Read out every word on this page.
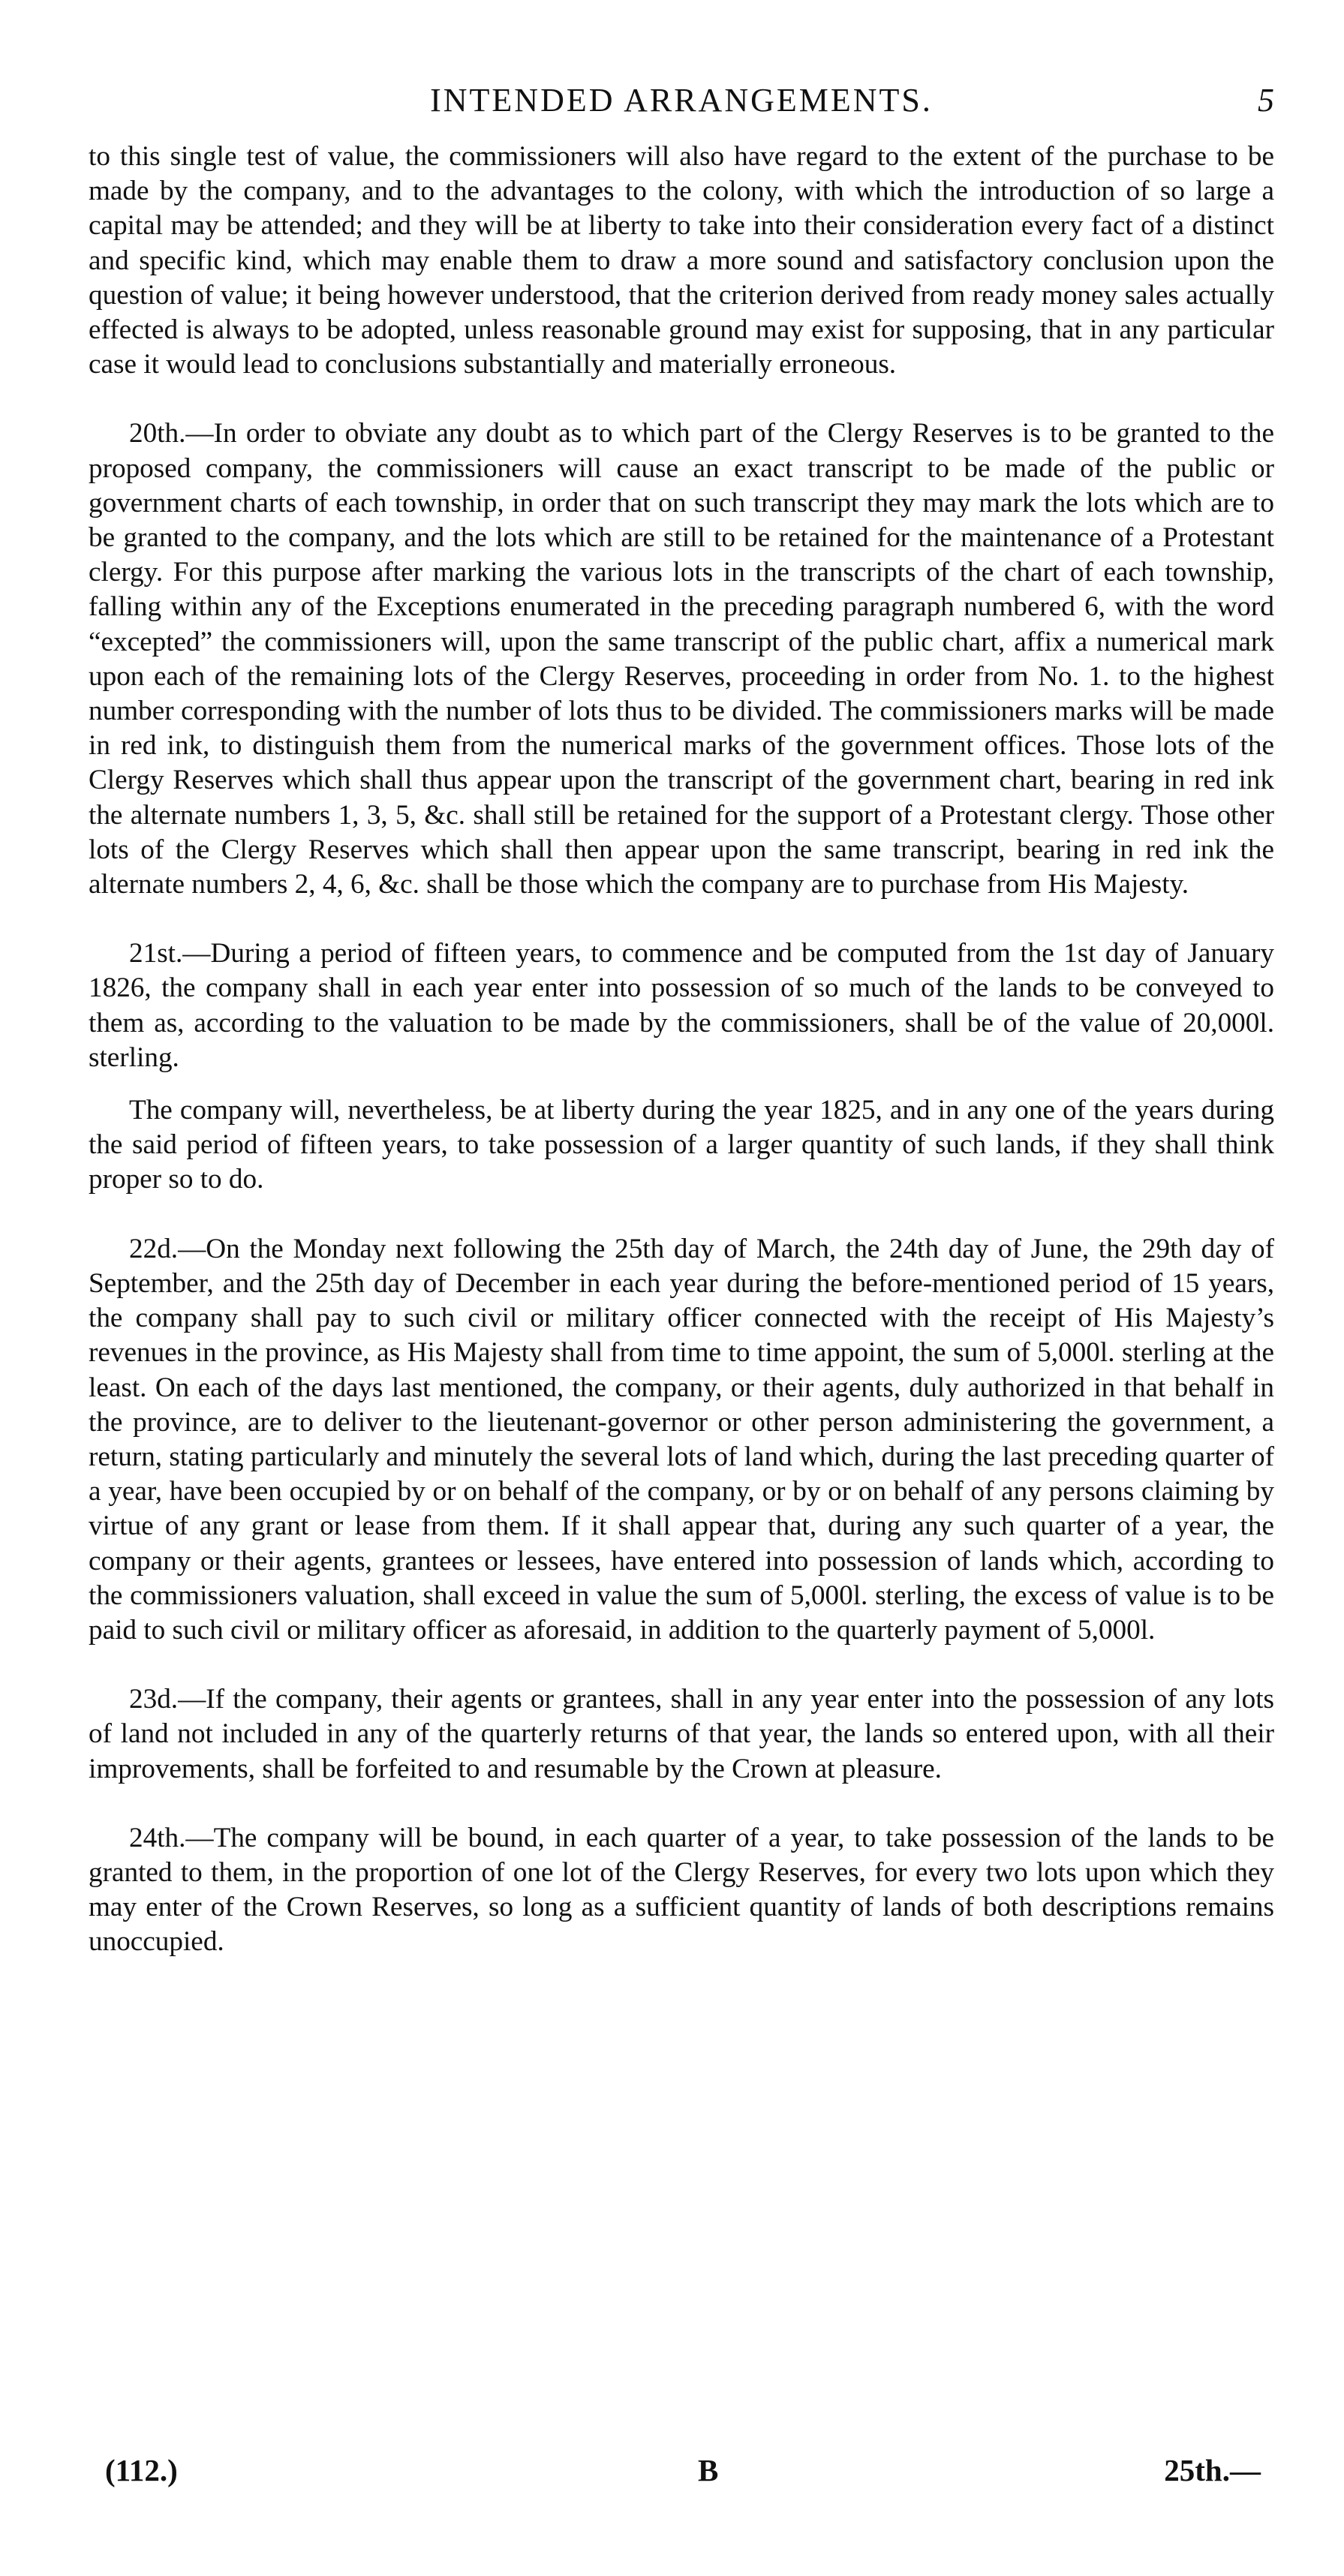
INTENDED ARRANGEMENTS.	5

to this single test of value, the commissioners will also have regard to the extent of the purchase to be made by the company, and to the advantages to the colony, with which the introduction of so large a capital may be attended; and they will be at liberty to take into their consideration every fact of a distinct and specific kind, which may enable them to draw a more sound and satisfactory conclusion upon the question of value; it being however understood, that the criterion derived from ready money sales actually effected is always to be adopted, unless reasonable ground may exist for supposing, that in any particular case it would lead to conclusions substantially and materially erroneous.

20th.—In order to obviate any doubt as to which part of the Clergy Reserves is to be granted to the proposed company, the commissioners will cause an exact transcript to be made of the public or government charts of each township, in order that on such transcript they may mark the lots which are to be granted to the company, and the lots which are still to be retained for the maintenance of a Protestant clergy. For this purpose after marking the various lots in the transcripts of the chart of each township, falling within any of the Exceptions enumerated in the preceding paragraph numbered 6, with the word “excepted” the commissioners will, upon the same transcript of the public chart, affix a numerical mark upon each of the remaining lots of the Clergy Reserves, proceeding in order from No. 1. to the highest number corresponding with the number of lots thus to be divided. The commissioners marks will be made in red ink, to distinguish them from the numerical marks of the government offices. Those lots of the Clergy Reserves which shall thus appear upon the transcript of the government chart, bearing in red ink the alternate numbers 1, 3, 5, &c. shall still be retained for the support of a Protestant clergy. Those other lots of the Clergy Reserves which shall then appear upon the same transcript, bearing in red ink the alternate numbers 2, 4, 6, &c. shall be those which the company are to purchase from His Majesty.

21st.—During a period of fifteen years, to commence and be computed from the 1st day of January 1826, the company shall in each year enter into possession of so much of the lands to be conveyed to them as, according to the valuation to be made by the commissioners, shall be of the value of 20,000l. sterling.

The company will, nevertheless, be at liberty during the year 1825, and in any one of the years during the said period of fifteen years, to take possession of a larger quantity of such lands, if they shall think proper so to do.

22d.—On the Monday next following the 25th day of March, the 24th day of June, the 29th day of September, and the 25th day of December in each year during the before-mentioned period of 15 years, the company shall pay to such civil or military officer connected with the receipt of His Majesty’s revenues in the province, as His Majesty shall from time to time appoint, the sum of 5,000l. sterling at the least. On each of the days last mentioned, the company, or their agents, duly authorized in that behalf in the province, are to deliver to the lieutenant-governor or other person administering the government, a return, stating particularly and minutely the several lots of land which, during the last preceding quarter of a year, have been occupied by or on behalf of the company, or by or on behalf of any persons claiming by virtue of any grant or lease from them. If it shall appear that, during any such quarter of a year, the company or their agents, grantees or lessees, have entered into possession of lands which, according to the commissioners valuation, shall exceed in value the sum of 5,000l. sterling, the excess of value is to be paid to such civil or military officer as aforesaid, in addition to the quarterly payment of 5,000l.

23d.—If the company, their agents or grantees, shall in any year enter into the possession of any lots of land not included in any of the quarterly returns of that year, the lands so entered upon, with all their improvements, shall be forfeited to and resumable by the Crown at pleasure.

24th.—The company will be bound, in each quarter of a year, to take possession of the lands to be granted to them, in the proportion of one lot of the Clergy Reserves, for every two lots upon which they may enter of the Crown Reserves, so long as a sufficient quantity of lands of both descriptions remains unoccupied.

(112.)	B	25th.—
